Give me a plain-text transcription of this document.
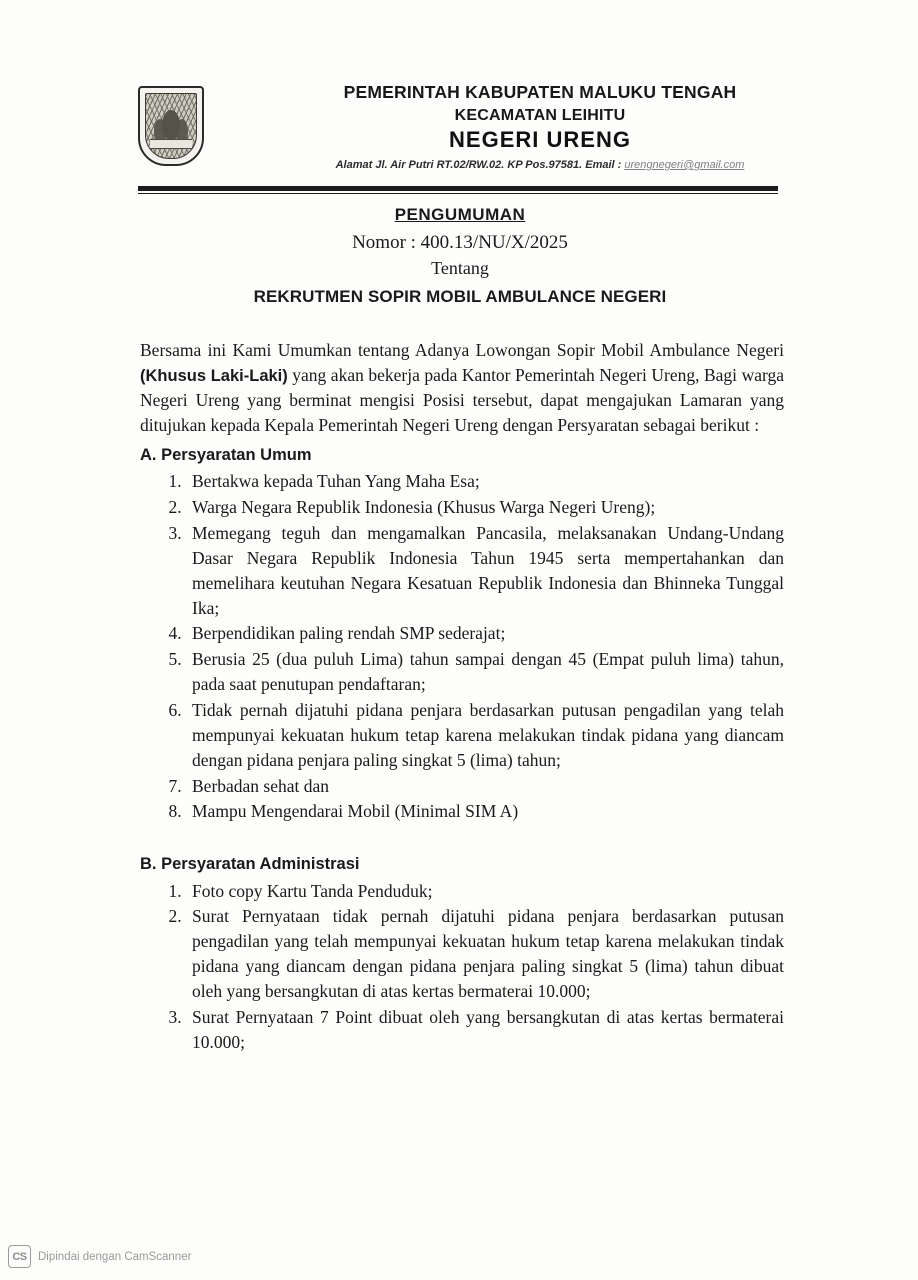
PEMERINTAH KABUPATEN MALUKU TENGAH
KECAMATAN LEIHITU
NEGERI URENG
Alamat Jl. Air Putri RT.02/RW.02. KP Pos.97581. Email : urengnegeri@gmail.com
PENGUMUMAN
Nomor : 400.13/NU/X/2025
Tentang
REKRUTMEN SOPIR MOBIL AMBULANCE NEGERI
Bersama ini Kami Umumkan tentang Adanya Lowongan Sopir Mobil Ambulance Negeri (Khusus Laki-Laki) yang akan bekerja pada Kantor Pemerintah Negeri Ureng, Bagi warga Negeri Ureng yang berminat mengisi Posisi tersebut, dapat mengajukan Lamaran yang ditujukan kepada Kepala Pemerintah Negeri Ureng dengan Persyaratan sebagai berikut :
A. Persyaratan Umum
1. Bertakwa kepada Tuhan Yang Maha Esa;
2. Warga Negara Republik Indonesia (Khusus Warga Negeri Ureng);
3. Memegang teguh dan mengamalkan Pancasila, melaksanakan Undang-Undang Dasar Negara Republik Indonesia Tahun 1945 serta mempertahankan dan memelihara keutuhan Negara Kesatuan Republik Indonesia dan Bhinneka Tunggal Ika;
4. Berpendidikan paling rendah SMP sederajat;
5. Berusia 25 (dua puluh Lima) tahun sampai dengan 45 (Empat puluh lima) tahun, pada saat penutupan pendaftaran;
6. Tidak pernah dijatuhi pidana penjara berdasarkan putusan pengadilan yang telah mempunyai kekuatan hukum tetap karena melakukan tindak pidana yang diancam dengan pidana penjara paling singkat 5 (lima) tahun;
7. Berbadan sehat dan
8. Mampu Mengendarai Mobil (Minimal SIM A)
B. Persyaratan Administrasi
1. Foto copy Kartu Tanda Penduduk;
2. Surat Pernyataan tidak pernah dijatuhi pidana penjara berdasarkan putusan pengadilan yang telah mempunyai kekuatan hukum tetap karena melakukan tindak pidana yang diancam dengan pidana penjara paling singkat 5 (lima) tahun dibuat oleh yang bersangkutan di atas kertas bermaterai 10.000;
3. Surat Pernyataan 7 Point dibuat oleh yang bersangkutan di atas kertas bermaterai 10.000;
CS Dipindai dengan CamScanner
